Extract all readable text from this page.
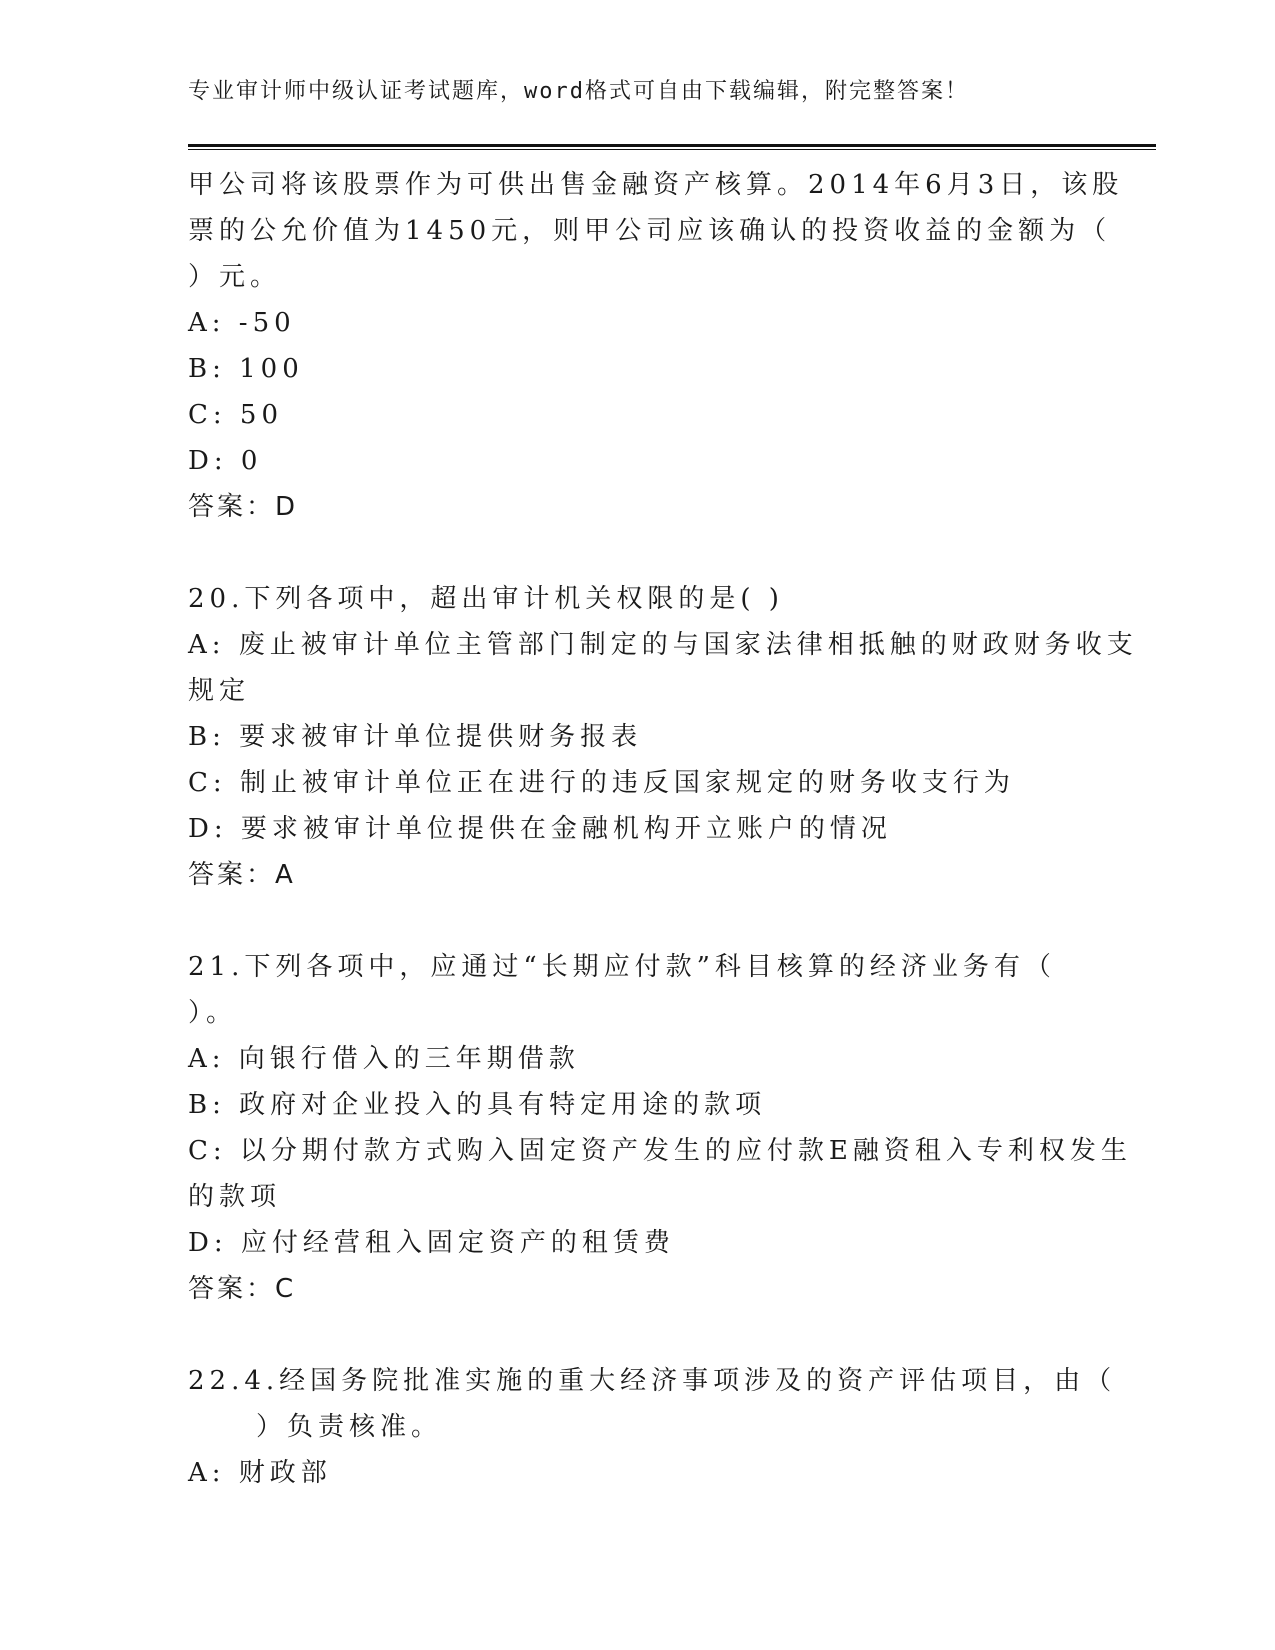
专业审计师中级认证考试题库，word格式可自由下载编辑，附完整答案！
甲公司将该股票作为可供出售金融资产核算。2014年6月3日，该股
票的公允价值为1450元，则甲公司应该确认的投资收益的金额为（
）元。
A: -50
B: 100
C: 50
D: 0
答案：D
20.下列各项中，超出审计机关权限的是( )
A: 废止被审计单位主管部门制定的与国家法律相抵触的财政财务收支
规定
B: 要求被审计单位提供财务报表
C: 制止被审计单位正在进行的违反国家规定的财务收支行为
D: 要求被审计单位提供在金融机构开立账户的情况
答案：A
21.下列各项中，应通过“长期应付款”科目核算的经济业务有（
）。
A: 向银行借入的三年期借款
B: 政府对企业投入的具有特定用途的款项
C: 以分期付款方式购入固定资产发生的应付款E融资租入专利权发生
的款项
D: 应付经营租入固定资产的租赁费
答案：C
22.4.经国务院批准实施的重大经济事项涉及的资产评估项目，由（
）负责核准。
A: 财政部
